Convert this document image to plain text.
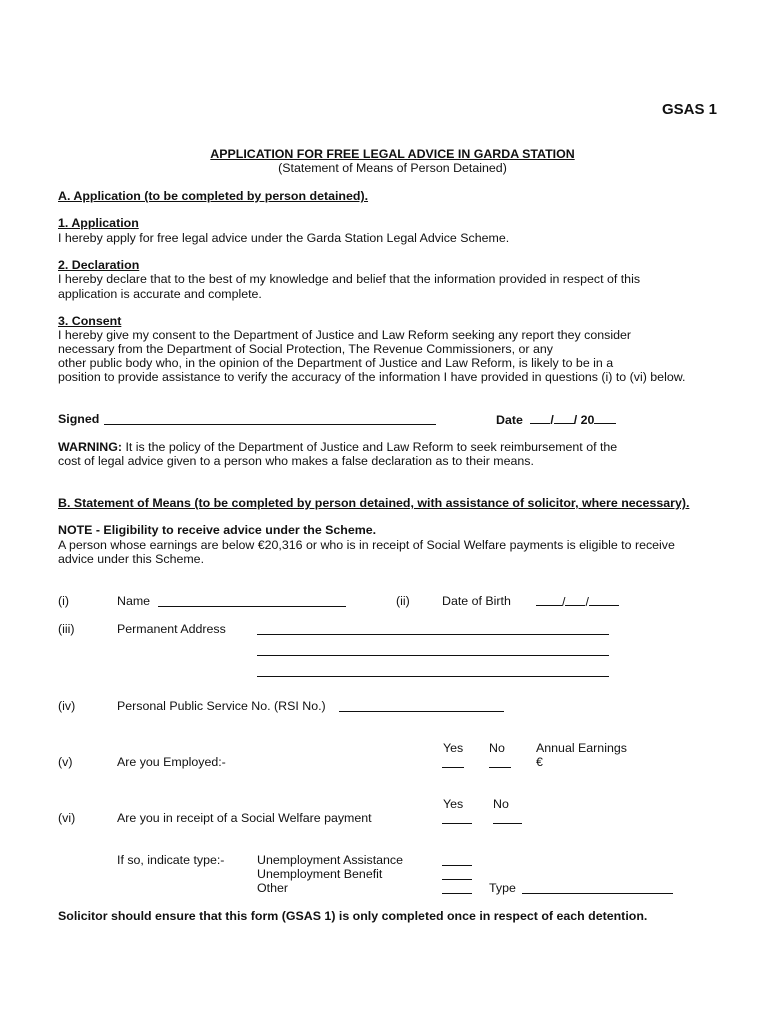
GSAS 1
APPLICATION FOR FREE LEGAL ADVICE IN GARDA STATION
(Statement of Means of Person Detained)
A. Application (to be completed by person detained).
1. Application
I hereby apply for free legal advice under the Garda Station Legal Advice Scheme.
2. Declaration
I hereby declare that to the best of my knowledge and belief that the information provided in respect of this
application is accurate and complete.
3. Consent
I hereby give my consent to the Department of Justice and Law Reform seeking any report they consider
necessary from the Department of Social Protection, The Revenue Commissioners, or any
other public body who, in the opinion of the Department of Justice and Law Reform, is likely to be in a
position to provide assistance to verify the accuracy of the information I have provided in questions (i) to (vi) below.
Signed	Date / / 20
WARNING: It is the policy of the Department of Justice and Law Reform to seek reimbursement of the
cost of legal advice given to a person who makes a false declaration as to their means.
B. Statement of Means (to be completed by person detained, with assistance of solicitor, where necessary).
NOTE - Eligibility to receive advice under the Scheme.
A person whose earnings are below €20,316 or who is in receipt of Social Welfare payments is eligible to receive
advice under this Scheme.
(i)	Name	(ii)	Date of Birth	/ /
(iii)	Permanent Address
(iv)	Personal Public Service No. (RSI No.)
Yes No	Annual Earnings
(v)	Are you Employed:-	€
Yes No
(vi)	Are you in receipt of a Social Welfare payment
If so, indicate type:-	Unemployment Assistance
Unemployment Benefit
Other	Type
Solicitor should ensure that this form (GSAS 1) is only completed once in respect of each detention.
